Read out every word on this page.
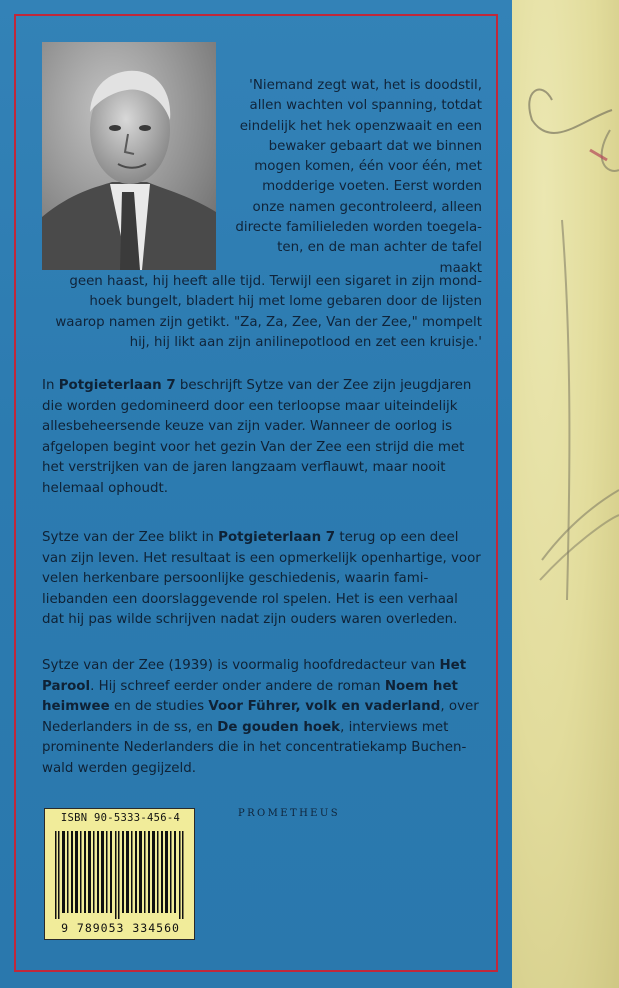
'Niemand zegt wat, het is doodstil,
allen wachten vol spanning, totdat
eindelijk het hek openzwaait en een
bewaker gebaart dat we binnen
mogen komen, één voor één, met
modderige voeten. Eerst worden
onze namen gecontroleerd, alleen
directe familieleden worden toegela-
ten, en de man achter de tafel maakt
geen haast, hij heeft alle tijd. Terwijl een sigaret in zijn mond-
hoek bungelt, bladert hij met lome gebaren door de lijsten
waarop namen zijn getikt. "Za, Za, Zee, Van der Zee," mompelt
hij, hij likt aan zijn anilinepotlood en zet een kruisje.'
In Potgieterlaan 7 beschrijft Sytze van der Zee zijn jeugdjaren die worden gedomineerd door een terloopse maar uiteindelijk allesbeheersende keuze van zijn vader. Wanneer de oorlog is afgelopen begint voor het gezin Van der Zee een strijd die met het verstrijken van de jaren langzaam verflauwt, maar nooit helemaal ophoudt.
Sytze van der Zee blikt in Potgieterlaan 7 terug op een deel van zijn leven. Het resultaat is een opmerkelijk openhartige, voor velen herkenbare persoonlijke geschiedenis, waarin fami-liebanden een doorslaggevende rol spelen. Het is een verhaal dat hij pas wilde schrijven nadat zijn ouders waren overleden.
Sytze van der Zee (1939) is voormalig hoofdredacteur van Het Parool. Hij schreef eerder onder andere de roman Noem het heimwee en de studies Voor Führer, volk en vaderland, over Nederlanders in de ss, en De gouden hoek, interviews met prominente Nederlanders die in het concentratiekamp Buchen-wald werden gegijzeld.
PROMETHEUS
ISBN 90-5333-456-4
9 789053 334560
